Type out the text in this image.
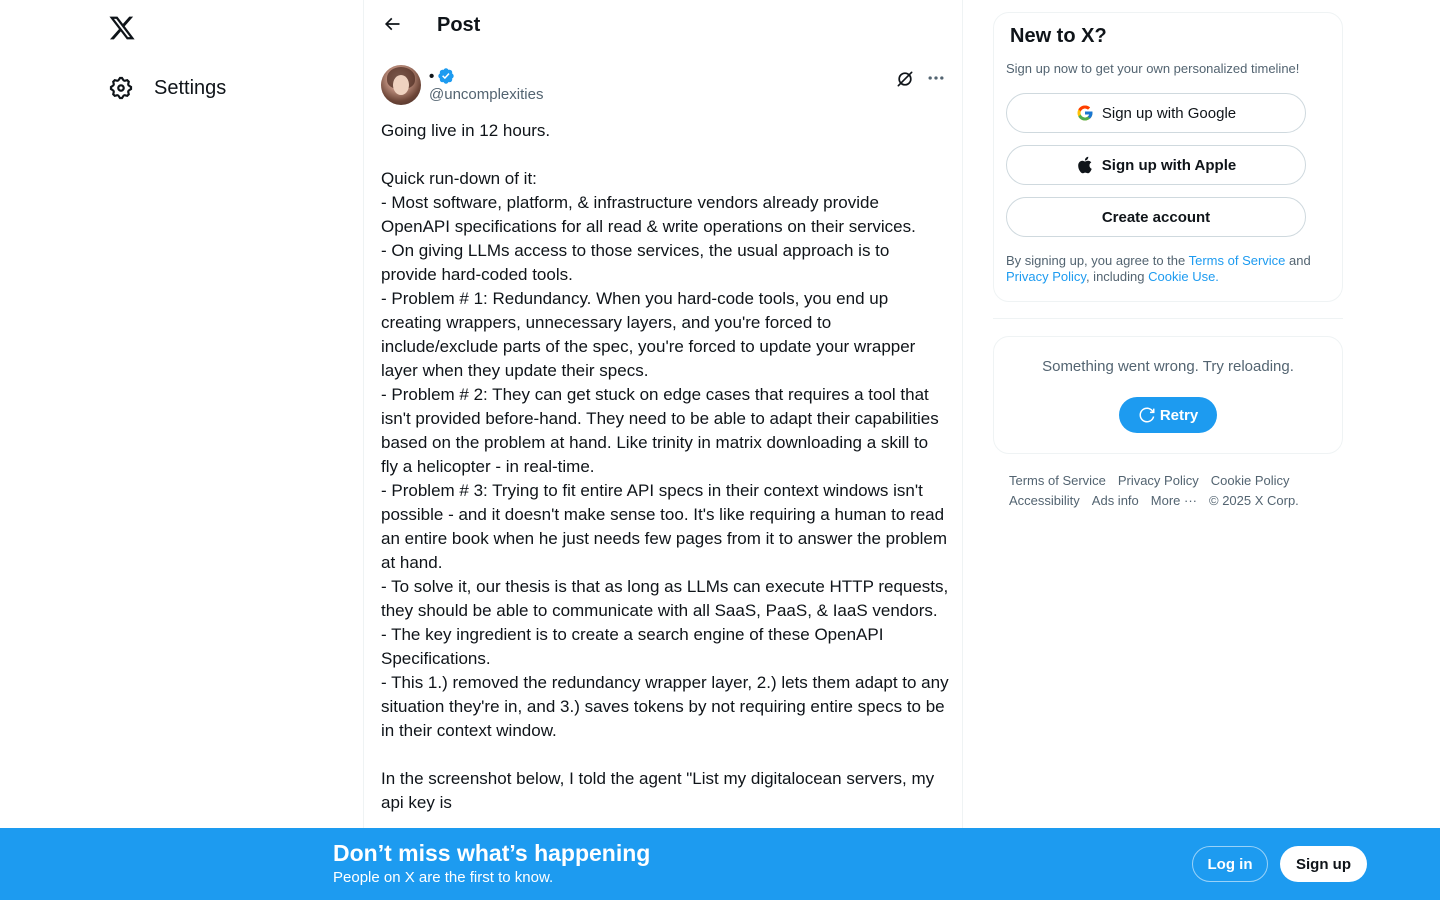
Settings
Post
•
@uncomplexities
Going live in 12 hours.

Quick run-down of it:
- Most software, platform, & infrastructure vendors already provide OpenAPI specifications for all read & write operations on their services.
- On giving LLMs access to those services, the usual approach is to provide hard-coded tools.
- Problem # 1: Redundancy. When you hard-code tools, you end up creating wrappers, unnecessary layers, and you're forced to include/exclude parts of the spec, you're forced to update your wrapper layer when they update their specs.
- Problem # 2: They can get stuck on edge cases that requires a tool that isn't provided before-hand. They need to be able to adapt their capabilities based on the problem at hand. Like trinity in matrix downloading a skill to fly a helicopter - in real-time.
- Problem # 3: Trying to fit entire API specs in their context windows isn't possible - and it doesn't make sense too. It's like requiring a human to read an entire book when he just needs few pages from it to answer the problem at hand.
- To solve it, our thesis is that as long as LLMs can execute HTTP requests, they should be able to communicate with all SaaS, PaaS, & IaaS vendors.
- The key ingredient is to create a search engine of these OpenAPI Specifications.
- This 1.) removed the redundancy wrapper layer, 2.) lets them adapt to any situation they're in, and 3.) saves tokens by not requiring entire specs to be in their context window.

In the screenshot below, I told the agent "List my digitalocean servers, my api key is
New to X?
Sign up now to get your own personalized timeline!
Sign up with Google
Sign up with Apple
Create account
By signing up, you agree to the Terms of Service and Privacy Policy, including Cookie Use.
Something went wrong. Try reloading.
Retry
Terms of Service Privacy Policy Cookie Policy
Accessibility Ads info More ··· © 2025 X Corp.
Don’t miss what’s happening
People on X are the first to know.
Log in	Sign up
